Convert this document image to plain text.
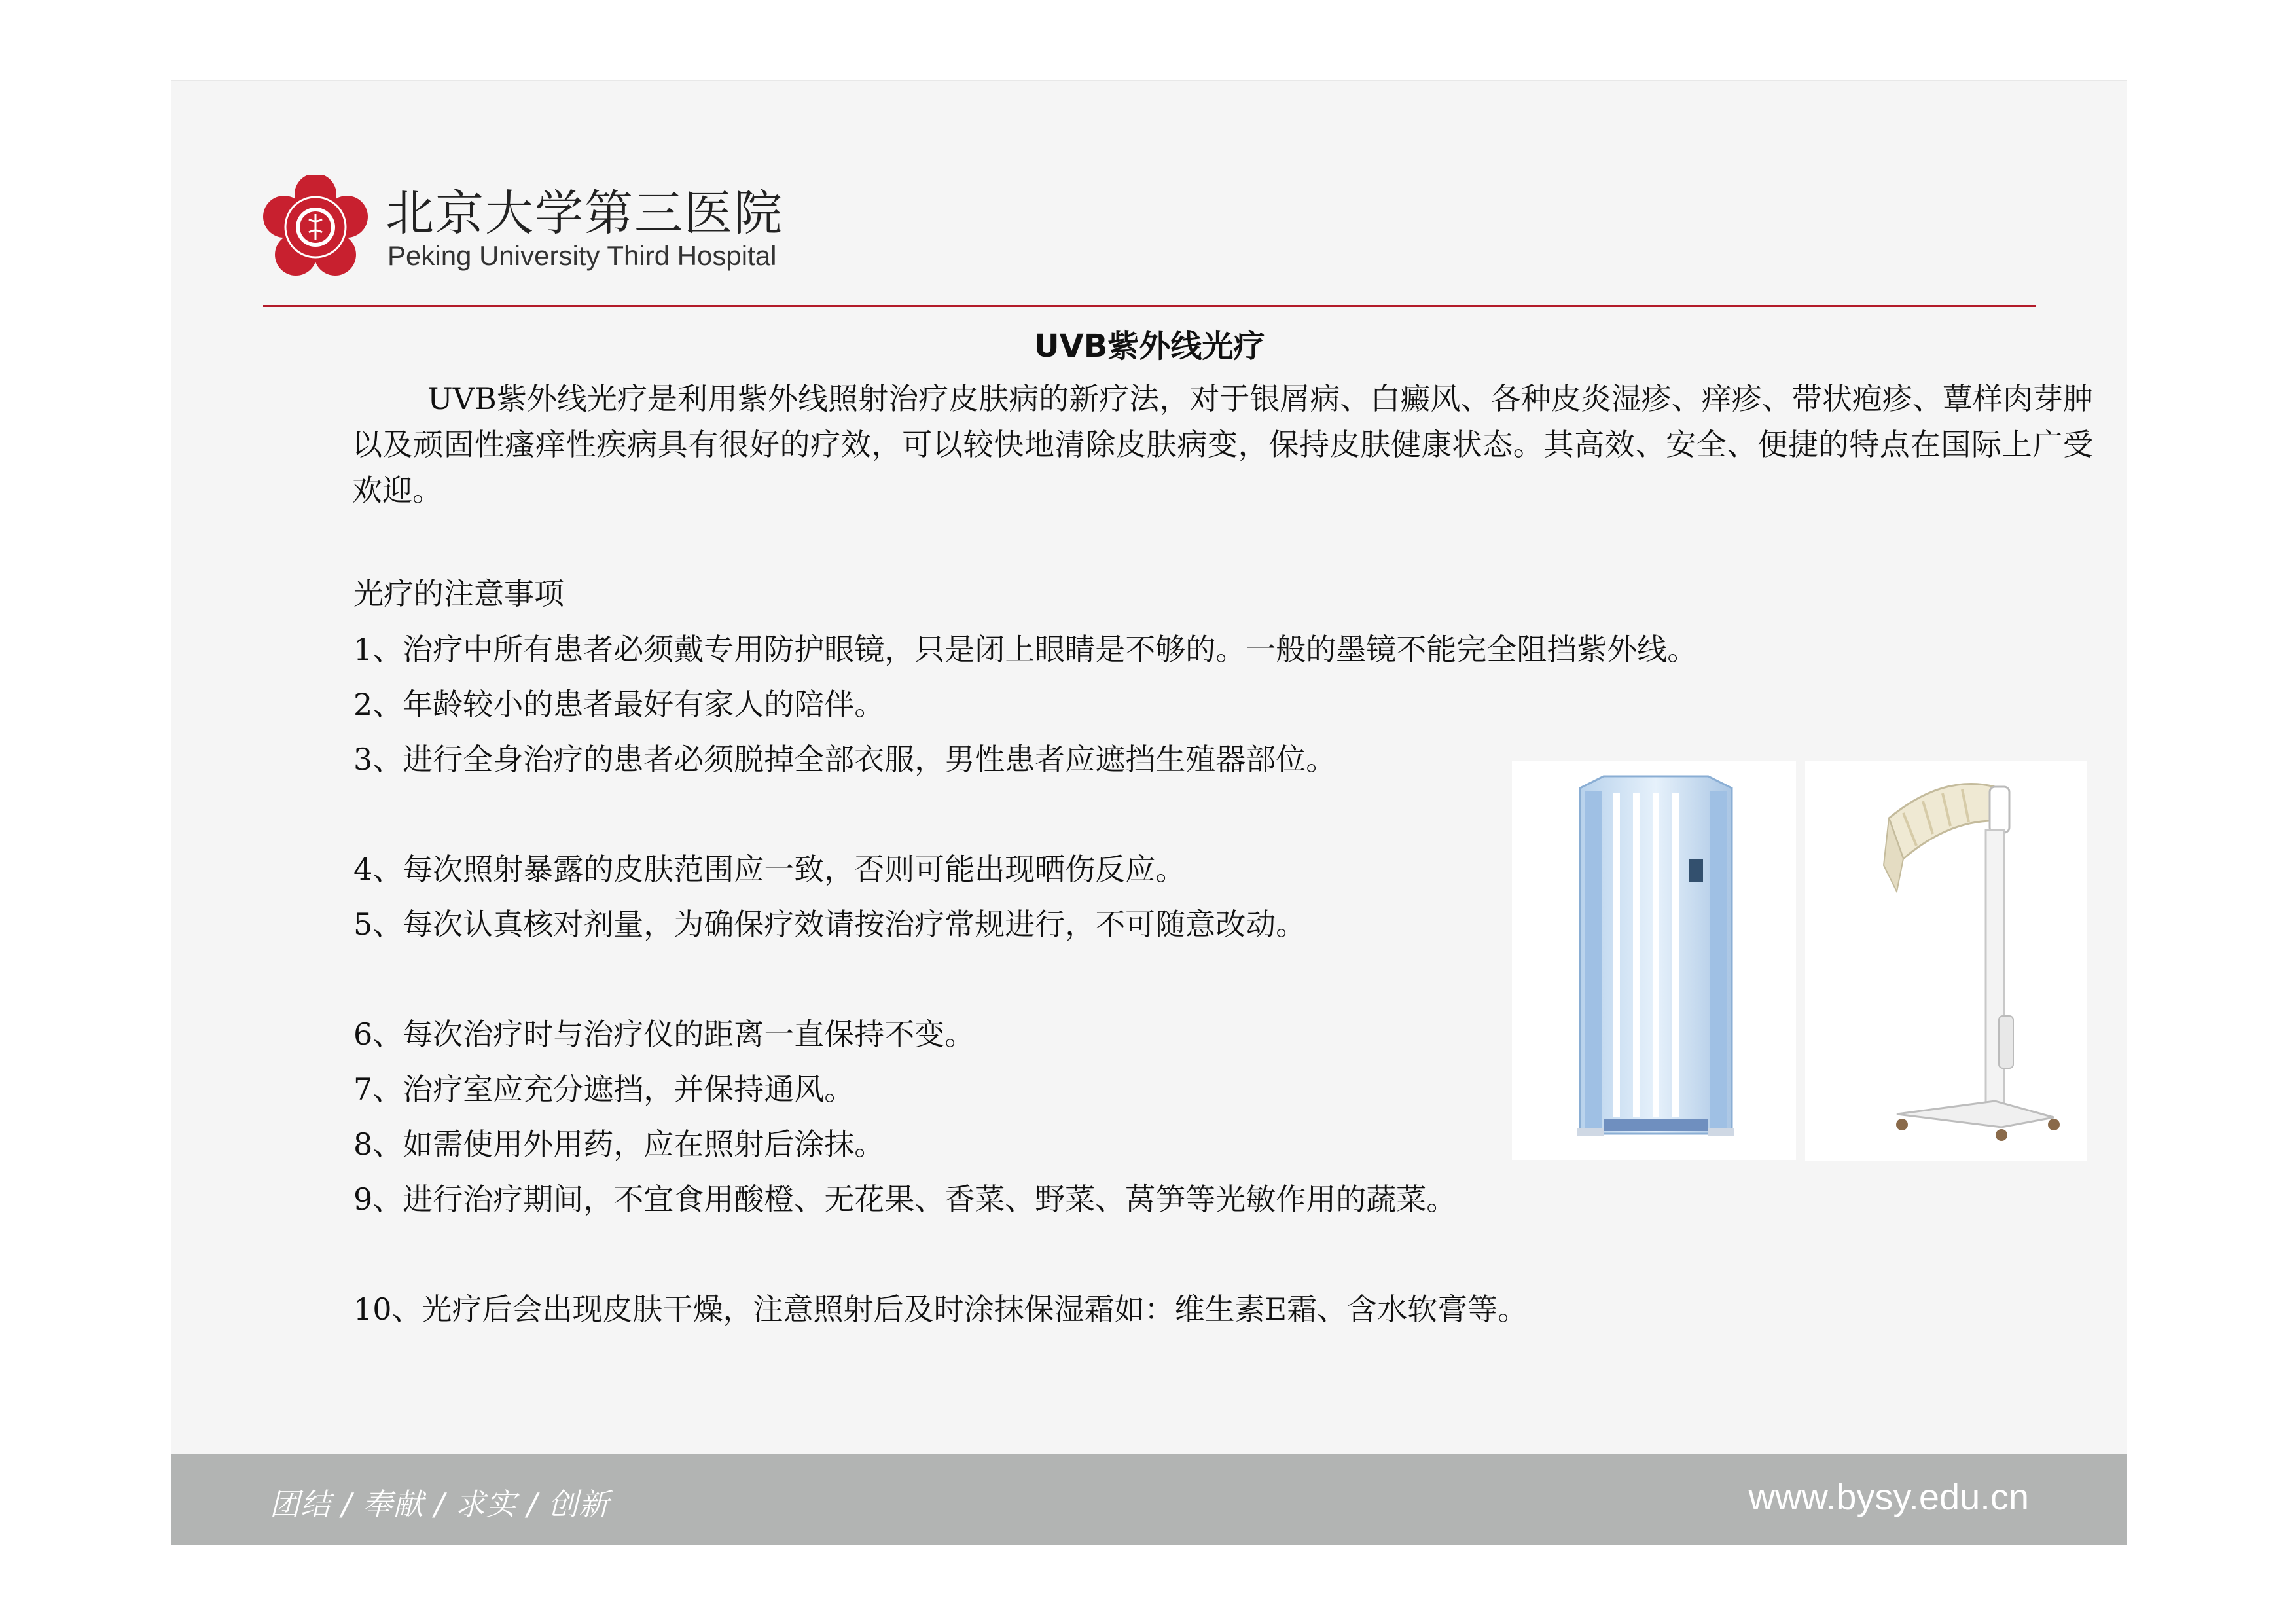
北京大学第三医院
Peking University Third Hospital
UVB紫外线光疗

UVB紫外线光疗是利用紫外线照射治疗皮肤病的新疗法，对于银屑病、白癜风、各种皮炎湿疹、痒疹、带状疱疹、蕈样肉芽肿以及顽固性瘙痒性疾病具有很好的疗效，可以较快地清除皮肤病变，保持皮肤健康状态。其高效、安全、便捷的特点在国际上广受欢迎。

光疗的注意事项

1、治疗中所有患者必须戴专用防护眼镜，只是闭上眼睛是不够的。一般的墨镜不能完全阻挡紫外线。

2、年龄较小的患者最好有家人的陪伴。

3、进行全身治疗的患者必须脱掉全部衣服，男性患者应遮挡生殖器部位。

4、每次照射暴露的皮肤范围应一致，否则可能出现晒伤反应。

5、每次认真核对剂量，为确保疗效请按治疗常规进行，不可随意改动。

6、每次治疗时与治疗仪的距离一直保持不变。

7、治疗室应充分遮挡，并保持通风。

8、如需使用外用药，应在照射后涂抹。

9、进行治疗期间，不宜食用酸橙、无花果、香菜、野菜、莴笋等光敏作用的蔬菜。

10、光疗后会出现皮肤干燥，注意照射后及时涂抹保湿霜如：维生素E霜、含水软膏等。

团结 / 奉献 / 求实 / 创新	www.bysy.edu.cn
